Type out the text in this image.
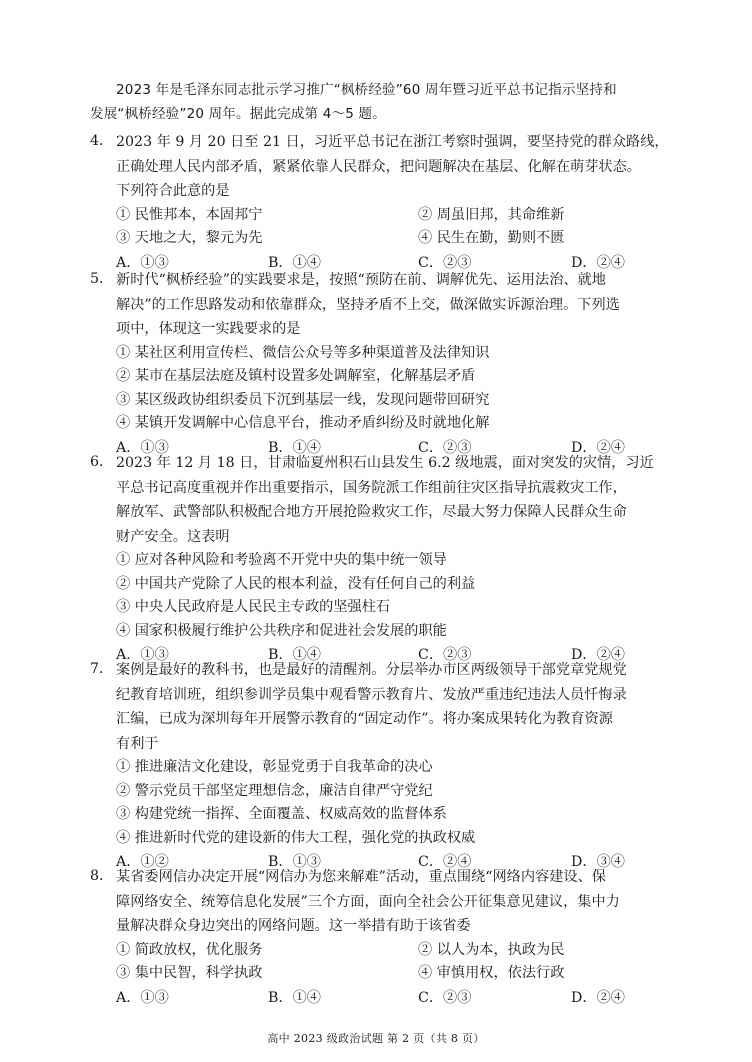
2023 年是毛泽东同志批示学习推广“枫桥经验”60 周年暨习近平总书记指示坚持和
发展“枫桥经验”20 周年。据此完成第 4～5 题。
4． 2023 年 9 月 20 日至 21 日，习近平总书记在浙江考察时强调，要坚持党的群众路线，
正确处理人民内部矛盾，紧紧依靠人民群众，把问题解决在基层、化解在萌芽状态。
下列符合此意的是
① 民惟邦本，本固邦宁	② 周虽旧邦，其命维新
③ 天地之大，黎元为先	④ 民生在勤，勤则不匮
A．①③	B．①④	C．②③	D．②④
5． 新时代“枫桥经验”的实践要求是，按照“预防在前、调解优先、运用法治、就地
解决”的工作思路发动和依靠群众，坚持矛盾不上交，做深做实诉源治理。下列选
项中，体现这一实践要求的是
① 某社区利用宣传栏、微信公众号等多种渠道普及法律知识
② 某市在基层法庭及镇村设置多处调解室，化解基层矛盾
③ 某区级政协组织委员下沉到基层一线，发现问题带回研究
④ 某镇开发调解中心信息平台，推动矛盾纠纷及时就地化解
A．①③	B．①④	C．②③	D．②④
6． 2023 年 12 月 18 日，甘肃临夏州积石山县发生 6.2 级地震，面对突发的灾情，习近
平总书记高度重视并作出重要指示，国务院派工作组前往灾区指导抗震救灾工作，
解放军、武警部队积极配合地方开展抢险救灾工作，尽最大努力保障人民群众生命
财产安全。这表明
① 应对各种风险和考验离不开党中央的集中统一领导
② 中国共产党除了人民的根本利益，没有任何自己的利益
③ 中央人民政府是人民民主专政的坚强柱石
④ 国家积极履行维护公共秩序和促进社会发展的职能
A．①③	B．①④	C．②③	D．②④
7． 案例是最好的教科书，也是最好的清醒剂。分层举办市区两级领导干部党章党规党
纪教育培训班，组织参训学员集中观看警示教育片、发放严重违纪违法人员忏悔录
汇编，已成为深圳每年开展警示教育的“固定动作”。将办案成果转化为教育资源
有利于
① 推进廉洁文化建设，彰显党勇于自我革命的决心
② 警示党员干部坚定理想信念，廉洁自律严守党纪
③ 构建党统一指挥、全面覆盖、权威高效的监督体系
④ 推进新时代党的建设新的伟大工程，强化党的执政权威
A．①②	B．①③	C．②④	D．③④
8． 某省委网信办决定开展“网信办为您来解难”活动，重点围绕“网络内容建设、保
障网络安全、统筹信息化发展”三个方面，面向全社会公开征集意见建议，集中力
量解决群众身边突出的网络问题。这一举措有助于该省委
① 简政放权，优化服务	② 以人为本，执政为民
③ 集中民智，科学执政	④ 审慎用权，依法行政
A．①③	B．①④	C．②③	D．②④
高中 2023 级政治试题 第 2 页（共 8 页）
